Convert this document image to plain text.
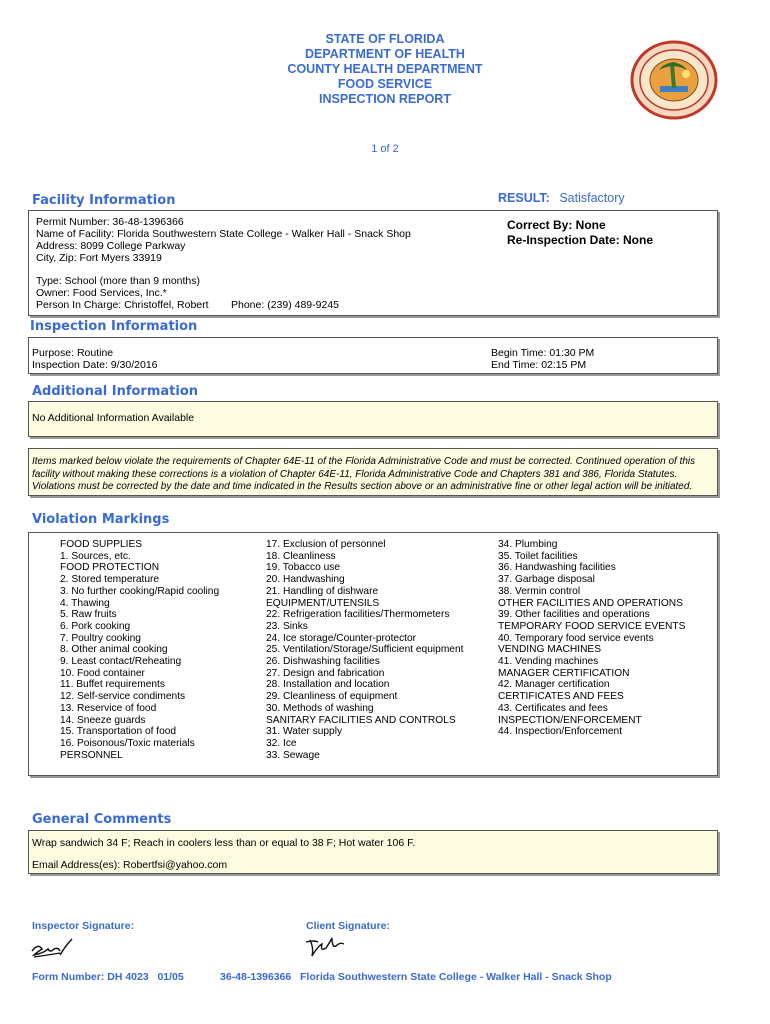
STATE OF FLORIDA
DEPARTMENT OF HEALTH
COUNTY HEALTH DEPARTMENT
FOOD SERVICE
INSPECTION REPORT
1 of 2
Facility Information	RESULT: Satisfactory
Permit Number: 36-48-1396366
Name of Facility: Florida Southwestern State College - Walker Hall - Snack Shop
Address: 8099 College Parkway
City, Zip: Fort Myers 33919
Type: School (more than 9 months)
Owner: Food Services, Inc.*
Person In Charge: Christoffel, Robert Phone: (239) 489-9245
Correct By: None
Re-Inspection Date: None
Inspection Information
Purpose: Routine
Inspection Date: 9/30/2016
Begin Time: 01:30 PM
End Time: 02:15 PM
Additional Information
No Additional Information Available
Items marked below violate the requirements of Chapter 64E-11 of the Florida Administrative Code and must be corrected. Continued operation of this
facility without making these corrections is a violation of Chapter 64E-11, Florida Administrative Code and Chapters 381 and 386, Florida Statutes.
Violations must be corrected by the date and time indicated in the Results section above or an administrative fine or other legal action will be initiated.
Violation Markings
FOOD SUPPLIES
1. Sources, etc.
FOOD PROTECTION
2. Stored temperature
3. No further cooking/Rapid cooling
4. Thawing
5. Raw fruits
6. Pork cooking
7. Poultry cooking
8. Other animal cooking
9. Least contact/Reheating
10. Food container
11. Buffet requirements
12. Self-service condiments
13. Reservice of food
14. Sneeze guards
15. Transportation of food
16. Poisonous/Toxic materials
PERSONNEL
17. Exclusion of personnel
18. Cleanliness
19. Tobacco use
20. Handwashing
21. Handling of dishware
EQUIPMENT/UTENSILS
22. Refrigeration facilities/Thermometers
23. Sinks
24. Ice storage/Counter-protector
25. Ventilation/Storage/Sufficient equipment
26. Dishwashing facilities
27. Design and fabrication
28. Installation and location
29. Cleanliness of equipment
30. Methods of washing
SANITARY FACILITIES AND CONTROLS
31. Water supply
32. Ice
33. Sewage
34. Plumbing
35. Toilet facilities
36. Handwashing facilities
37. Garbage disposal
38. Vermin control
OTHER FACILITIES AND OPERATIONS
39. Other facilities and operations
TEMPORARY FOOD SERVICE EVENTS
40. Temporary food service events
VENDING MACHINES
41. Vending machines
MANAGER CERTIFICATION
42. Manager certification
CERTIFICATES AND FEES
43. Certificates and fees
INSPECTION/ENFORCEMENT
44. Inspection/Enforcement
General Comments
Wrap sandwich 34 F; Reach in coolers less than or equal to 38 F; Hot water 106 F.
Email Address(es): Robertfsi@yahoo.com
Inspector Signature:	Client Signature:
Form Number: DH 4023   01/05	36-48-1396366 Florida Southwestern State College - Walker Hall - Snack Shop
